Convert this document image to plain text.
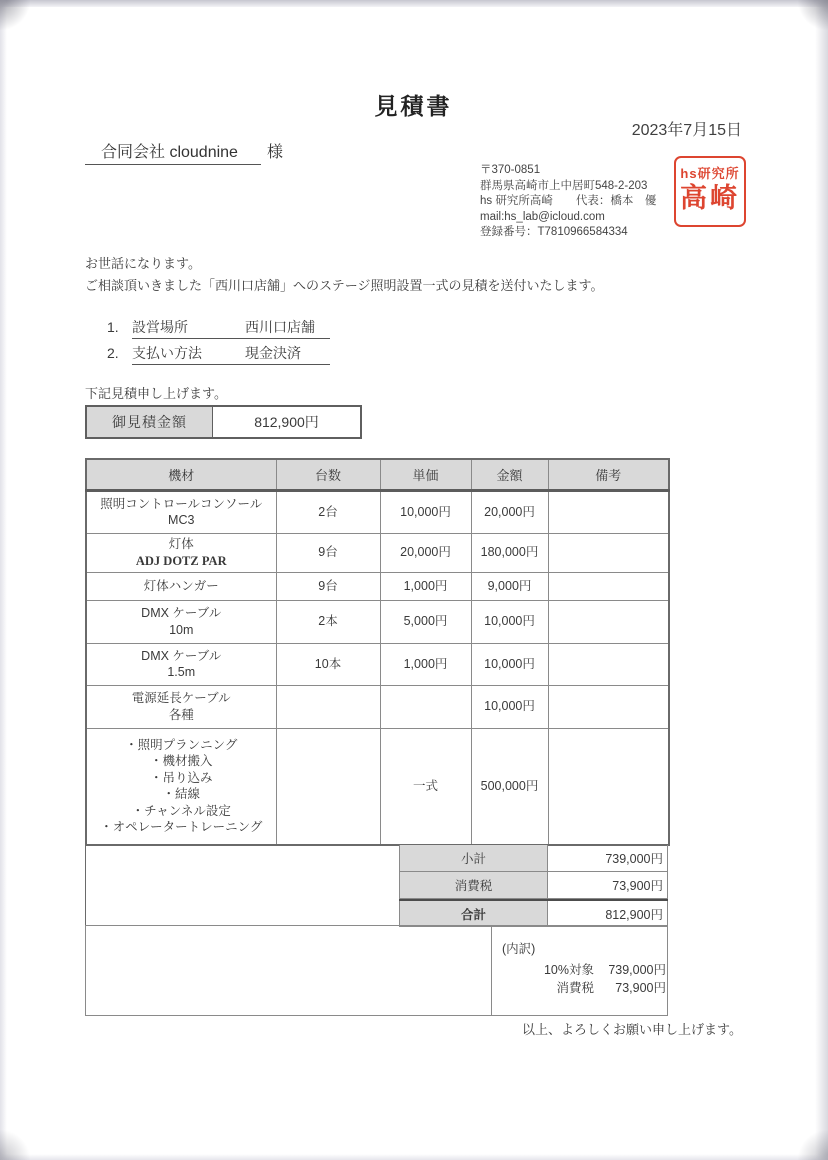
見積書
2023年7月15日
合同会社 cloudnine 様
〒370-0851
群馬県高崎市上中居町548-2-203
hs 研究所高崎　　代表：橋本　優
mail:hs_lab@icloud.com
登録番号：T7810966584334
hs研究所
高崎
お世話になります。
ご相談頂いきました「西川口店舗」へのステージ照明設置一式の見積を送付いたします。
1. 設営場所	西川口店舗
2. 支払い方法	現金決済
下記見積申し上げます。
御見積金額	812,900円
機材	台数	単価	金額	備考

照明コントロールコンソール
MC3	2台	10,000円	20,000円	

灯体
ADJ DOTZ PAR	9台	20,000円	180,000円	

灯体ハンガー	9台	1,000円	9,000円	

DMX ケーブル
10m	2本	5,000円	10,000円	

DMX ケーブル
1.5m	10本	1,000円	10,000円	

電源延長ケーブル
各種			10,000円	

・照明プランニング
・機材搬入
・吊り込み
・結線
・チャンネル設定
・オペレータートレーニング
		一式	500,000円	
小計	739,000円
消費税	73,900円
合計	812,900円
(内訳)
10%対象	739,000円
消費税	73,900円
以上、よろしくお願い申し上げます。
